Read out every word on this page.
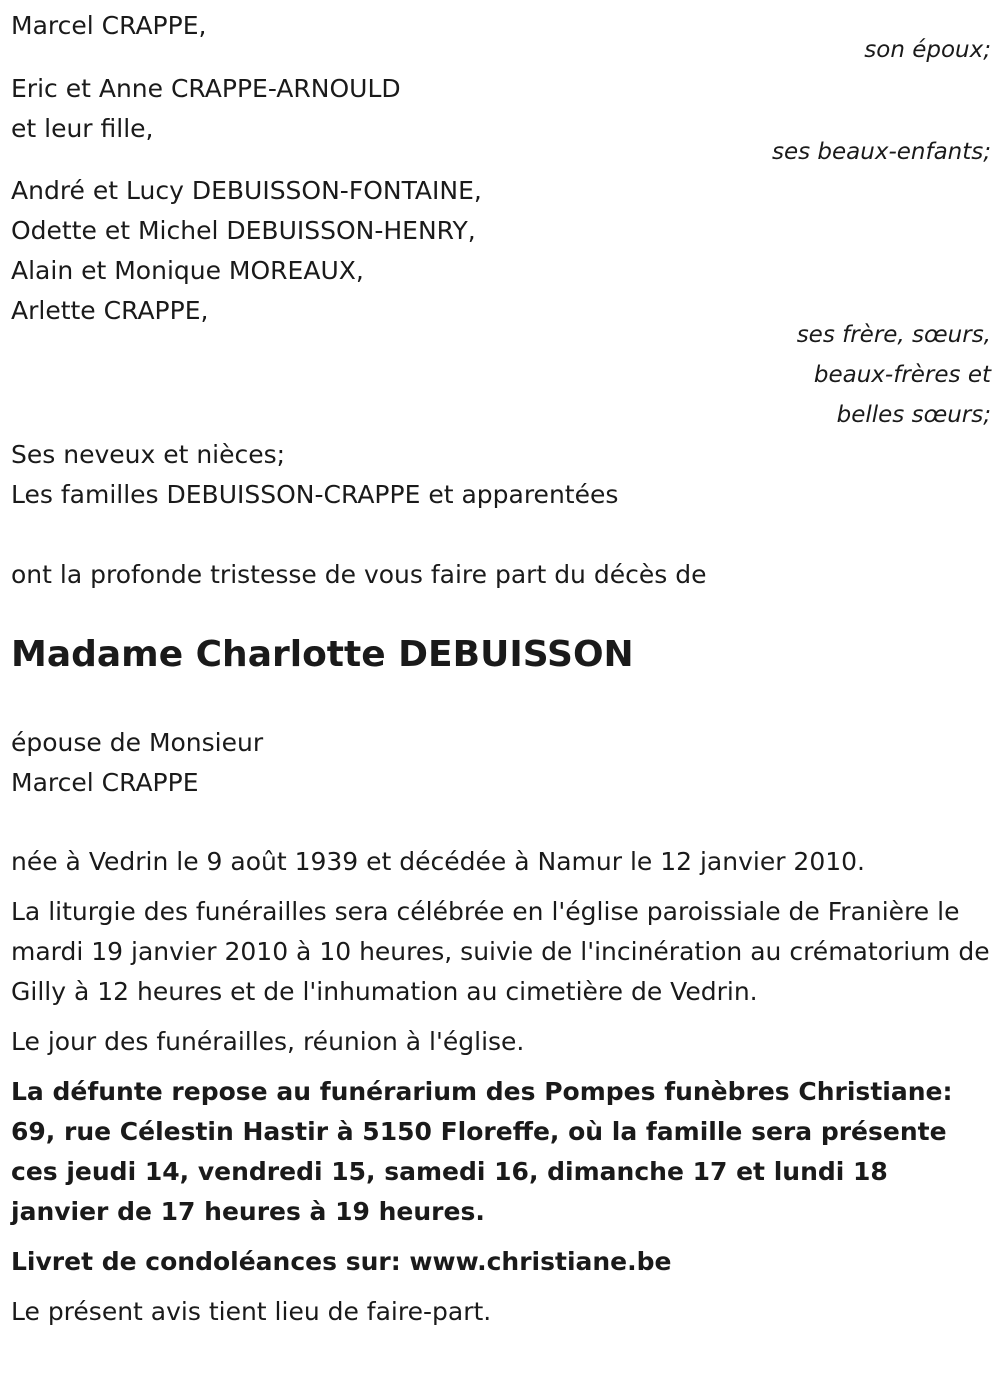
Marcel CRAPPE,

son époux;

Eric et Anne CRAPPE-ARNOULD

et leur fille,

ses beaux-enfants;

André et Lucy DEBUISSON-FONTAINE,

Odette et Michel DEBUISSON-HENRY,

Alain et Monique MOREAUX,

Arlette CRAPPE,

ses frère, sœurs,

beaux-frères et

belles sœurs;

Ses neveux et nièces;

Les familles DEBUISSON-CRAPPE et apparentées

ont la profonde tristesse de vous faire part du décès de

Madame Charlotte DEBUISSON

épouse de Monsieur

Marcel CRAPPE

née à Vedrin le 9 août 1939 et décédée à Namur le 12 janvier 2010.

La liturgie des funérailles sera célébrée en l'église paroissiale de Franière le mardi 19 janvier 2010 à 10 heures, suivie de l'incinération au crématorium de Gilly à 12 heures et de l'inhumation au cimetière de Vedrin.

Le jour des funérailles, réunion à l'église.

La défunte repose au funérarium des Pompes funèbres Christiane: 69, rue Célestin Hastir à 5150 Floreffe, où la famille sera présente ces jeudi 14, vendredi 15, samedi 16, dimanche 17 et lundi 18 janvier de 17 heures à 19 heures.

Livret de condoléances sur: www.christiane.be

Le présent avis tient lieu de faire-part.
